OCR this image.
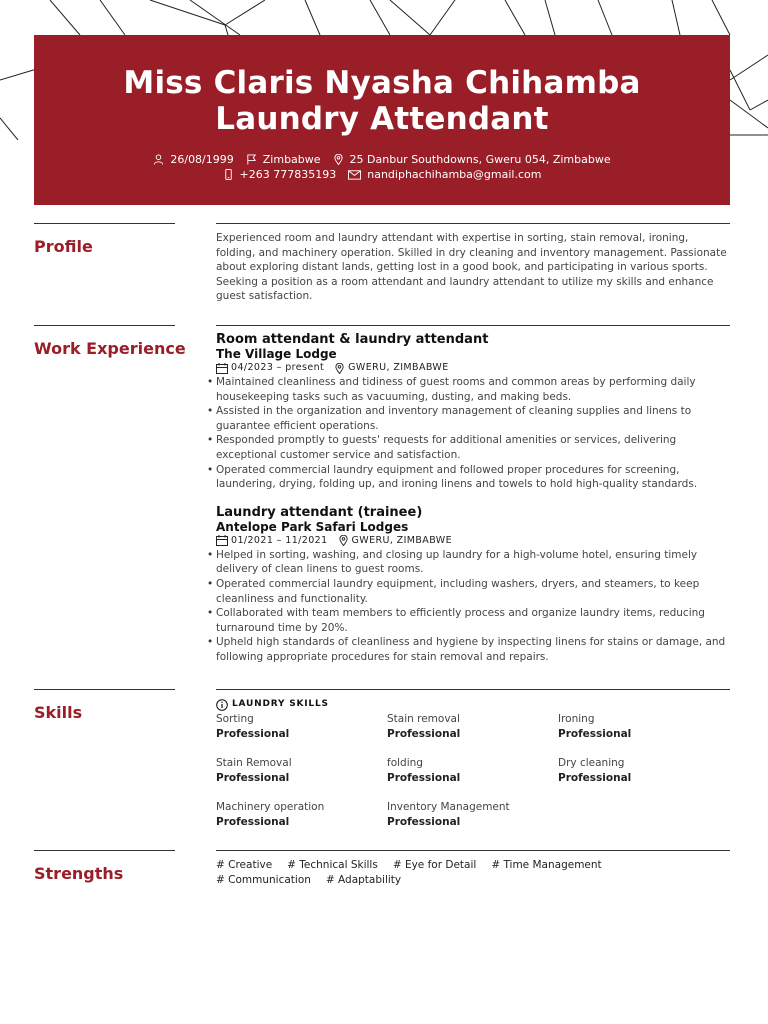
Miss Claris Nyasha Chihamba Laundry Attendant
26/08/1999	Zimbabwe	25 Danbur Southdowns, Gweru 054, Zimbabwe
+263 777835193	nandiphachihamba@gmail.com
Profile	Experienced room and laundry attendant with expertise in sorting, stain removal, ironing, folding, and machinery operation. Skilled in dry cleaning and inventory management. Passionate about exploring distant lands, getting lost in a good book, and participating in various sports. Seeking a position as a room attendant and laundry attendant to utilize my skills and enhance guest satisfaction.
Work Experience Room attendant & laundry attendant
The Village Lodge
04/2023 – present	GWERU, ZIMBABWE
• Maintained cleanliness and tidiness of guest rooms and common areas by performing daily housekeeping tasks such as vacuuming, dusting, and making beds.
• Assisted in the organization and inventory management of cleaning supplies and linens to guarantee efficient operations.
• Responded promptly to guests' requests for additional amenities or services, delivering exceptional customer service and satisfaction.
• Operated commercial laundry equipment and followed proper procedures for screening, laundering, drying, folding up, and ironing linens and towels to hold high-quality standards.
Laundry attendant (trainee)
Antelope Park Safari Lodges
01/2021 – 11/2021	GWERU, ZIMBABWE
• Helped in sorting, washing, and closing up laundry for a high-volume hotel, ensuring timely delivery of clean linens to guest rooms.
• Operated commercial laundry equipment, including washers, dryers, and steamers, to keep cleanliness and functionality.
• Collaborated with team members to efficiently process and organize laundry items, reducing turnaround time by 20%.
• Upheld high standards of cleanliness and hygiene by inspecting linens for stains or damage, and following appropriate procedures for stain removal and repairs.
Skills	LAUNDRY SKILLS
Sorting
Professional
Stain removal
Professional
Ironing
Professional
Stain Removal
Professional
folding
Professional
Dry cleaning
Professional
Machinery operation
Professional
Inventory Management
Professional
Strengths	# Creative # Technical Skills # Eye for Detail # Time Management
# Communication # Adaptability
